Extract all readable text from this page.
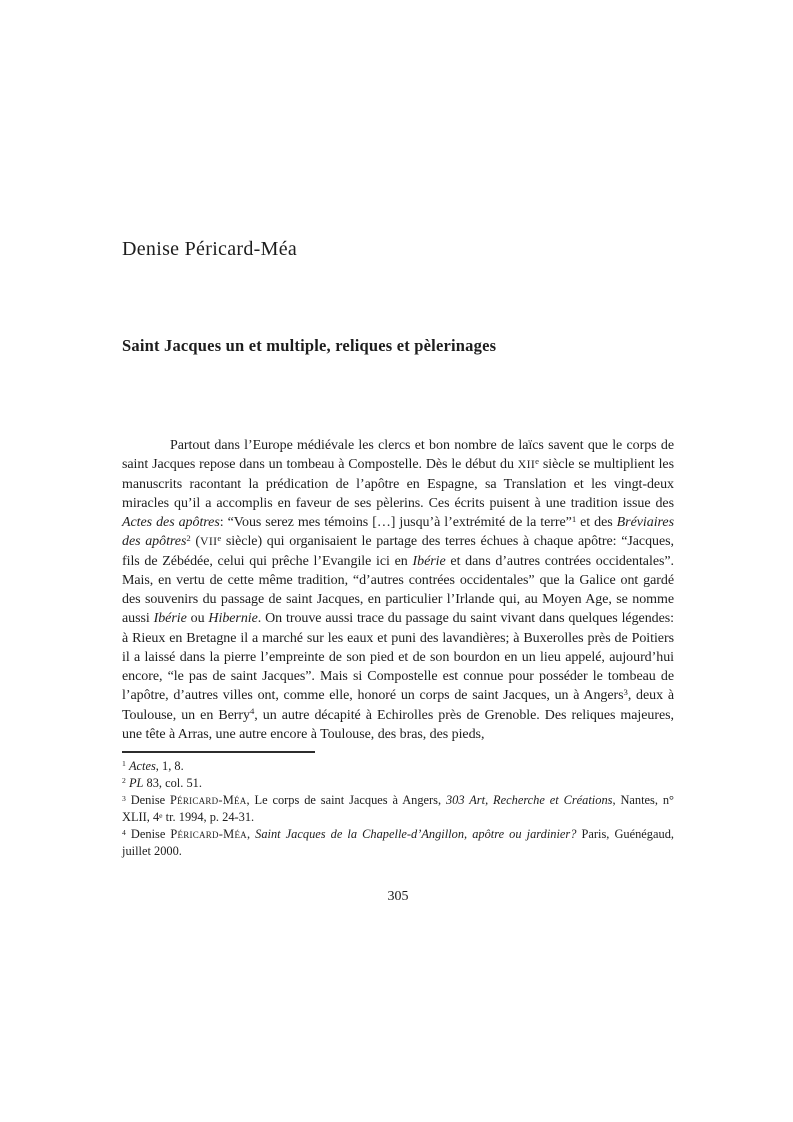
Denise Péricard-Méa
Saint Jacques un et multiple, reliques et pèlerinages

Partout dans l’Europe médiévale les clercs et bon nombre de laïcs savent que le corps de saint Jacques repose dans un tombeau à Compostelle. Dès le début du XIIe siècle se multiplient les manuscrits racontant la prédication de l’apôtre en Espagne, sa Translation et les vingt-deux miracles qu’il a accomplis en faveur de ses pèlerins. Ces écrits puisent à une tradition issue des Actes des apôtres: “Vous serez mes témoins […] jusqu’à l’extrémité de la terre”$^1$ et des Bréviaires des apôtres$^2$ (VIIe siècle) qui organisaient le partage des terres échues à chaque apôtre: “Jacques, fils de Zébédée, celui qui prêche l’Evangile ici en Ibérie et dans d’autres contrées occidentales”. Mais, en vertu de cette même tradition, “d’autres contrées occidentales” que la Galice ont gardé des souvenirs du passage de saint Jacques, en particulier l’Irlande qui, au Moyen Age, se nomme aussi Ibérie ou Hibernie. On trouve aussi trace du passage du saint vivant dans quelques légendes: à Rieux en Bretagne il a marché sur les eaux et puni des lavandières; à Buxerolles près de Poitiers il a laissé dans la pierre l’empreinte de son pied et de son bourdon en un lieu appelé, aujourd’hui encore, “le pas de saint Jacques”. Mais si Compostelle est connue pour posséder le tombeau de l’apôtre, d’autres villes ont, comme elle, honoré un corps de saint Jacques, un à Angers$^3$, deux à Toulouse, un en Berry$^4$, un autre décapité à Echirolles près de Grenoble. Des reliques majeures, une tête à Arras, une autre encore à Toulouse, des bras, des pieds,

$^1$ Actes, 1, 8.

$^2$ PL 83, col. 51.

$^3$ Denise Péricard-Méa, Le corps de saint Jacques à Angers, 303 Art, Recherche et Créations, Nantes, n° XLII, 4e tr. 1994, p. 24-31.

$^4$ Denise Péricard-Méa, Saint Jacques de la Chapelle-d’Angillon, apôtre ou jardinier? Paris, Guénégaud, juillet 2000.

305
